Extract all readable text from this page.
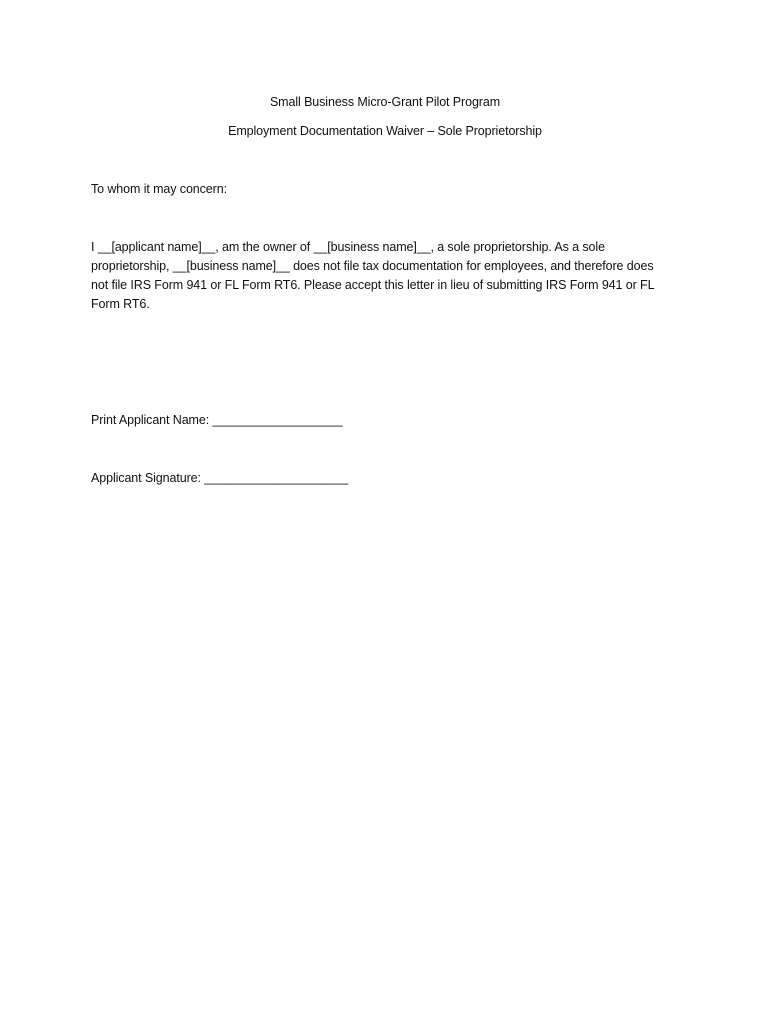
Small Business Micro-Grant Pilot Program
Employment Documentation Waiver – Sole Proprietorship
To whom it may concern:
I __[applicant name]__, am the owner of __[business name]__, a sole proprietorship. As a sole
proprietorship, __[business name]__ does not file tax documentation for employees, and therefore does
not file IRS Form 941 or FL Form RT6. Please accept this letter in lieu of submitting IRS Form 941 or FL
Form RT6.
Print Applicant Name: ___________________
Applicant Signature: _____________________
